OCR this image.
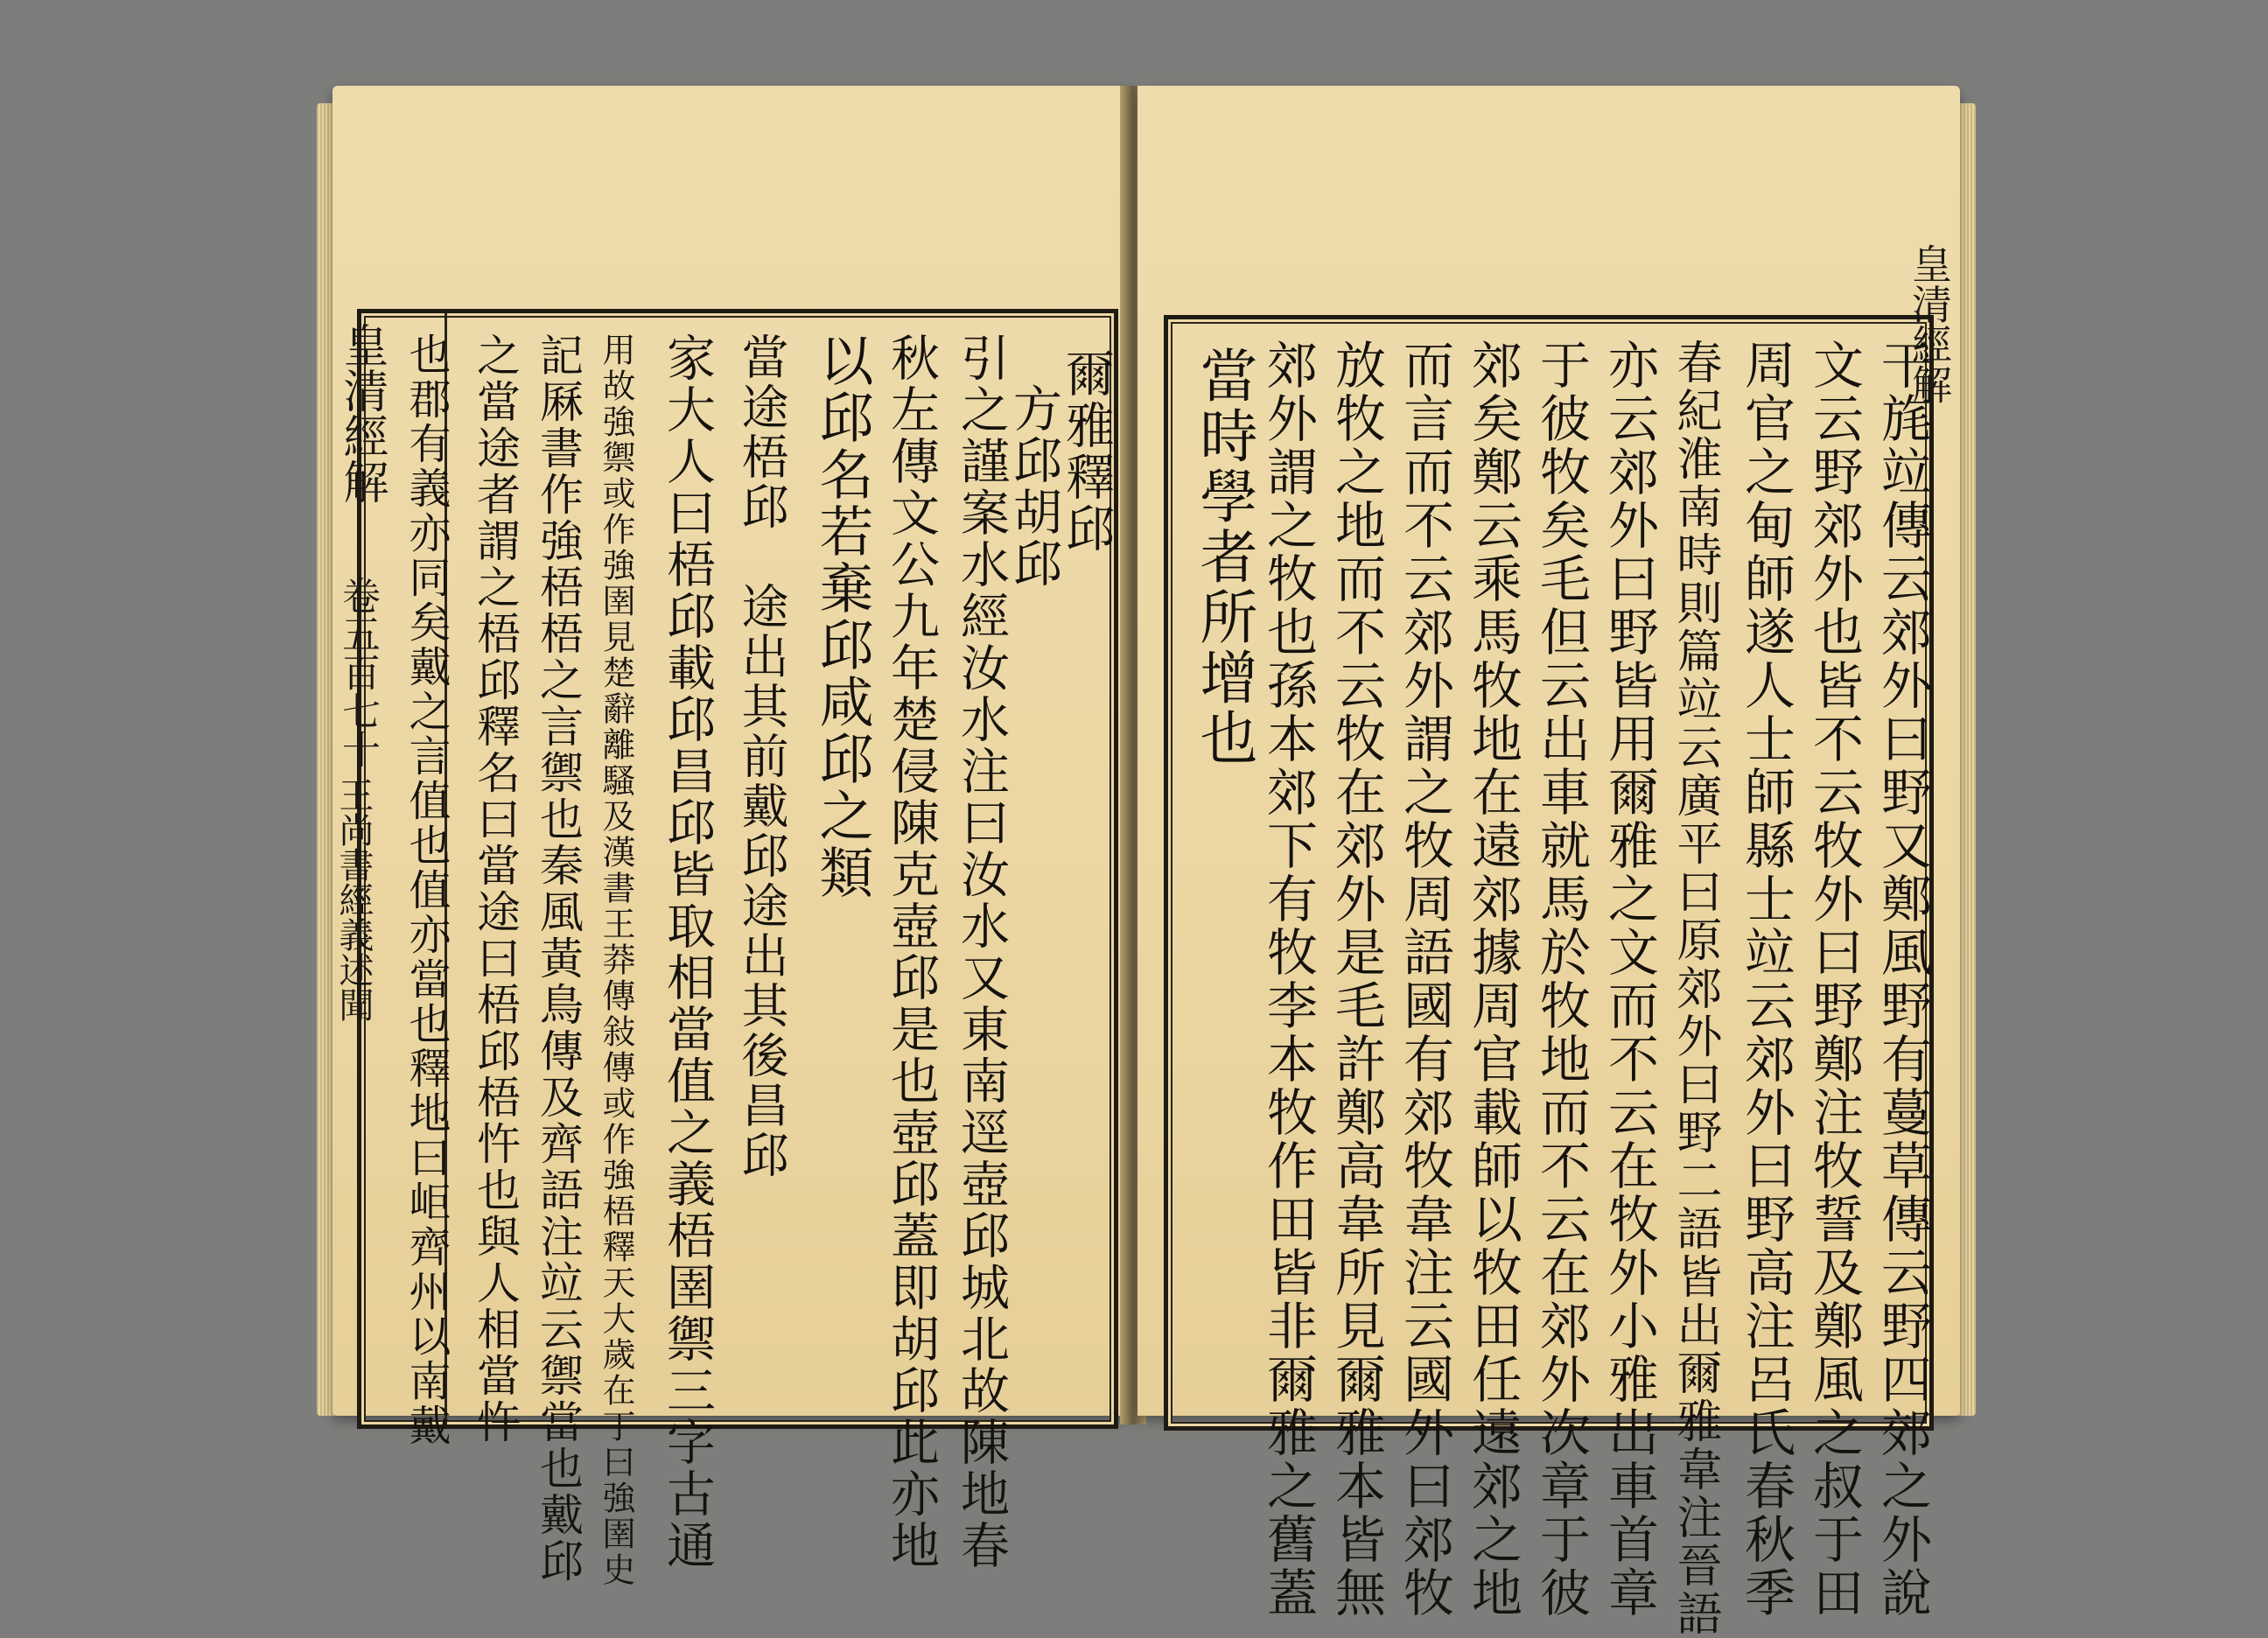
也郡有義亦同矣戴之言值也值亦當也釋地曰岠齊州以南戴 之當途者謂之梧邱釋名曰當途曰梧邱梧忤也與人相當忤 記厤書作強梧梧之言禦也秦風黃鳥傳及齊語注竝云禦當也戴邱 用故強禦或作強圉見楚辭離騷及漢書王莽傳敍傳或作強梧釋天大歲在丁曰強圉史 家大人曰梧邱載邱昌邱皆取相當值之義梧圉禦三字古通 當途梧邱　途出其前戴邱途出其後昌邱 以邱名若棄邱咸邱之類 秋左傳文公九年楚侵陳克壺邱是也壺邱蓋即胡邱此亦地 引之謹案水經汝水注曰汝水又東南逕壺邱城北故陳地春
方邱胡邱
爾雅釋邱
皇清經解
卷五百七十
王尚書經義述聞
當時學者所增也 郊外謂之牧也孫本郊下有牧李本牧作田皆非爾雅之舊蓋 放牧之地而不云牧在郊外是毛許鄭高韋所見爾雅本皆無 而言而不云郊外謂之牧周語國有郊牧韋注云國外曰郊牧 郊矣鄭云乘馬牧地在遠郊據周官載師以牧田任遠郊之地 于彼牧矣毛但云出車就馬於牧地而不云在郊外次章于彼 亦云郊外曰野皆用爾雅之文而不云在牧外小雅出車首章 春紀淮南時則篇竝云廣平曰原郊外曰野二語皆出爾雅韋注晉語 周官之甸師遂人士師縣士竝云郊外曰野高注呂氏春秋季 文云野郊外也皆不云牧外曰野鄭注牧誓及鄭風之叔于田 干旄竝傳云郊外曰野又鄭風野有蔓草傳云野四郊之外說
皇清經解
